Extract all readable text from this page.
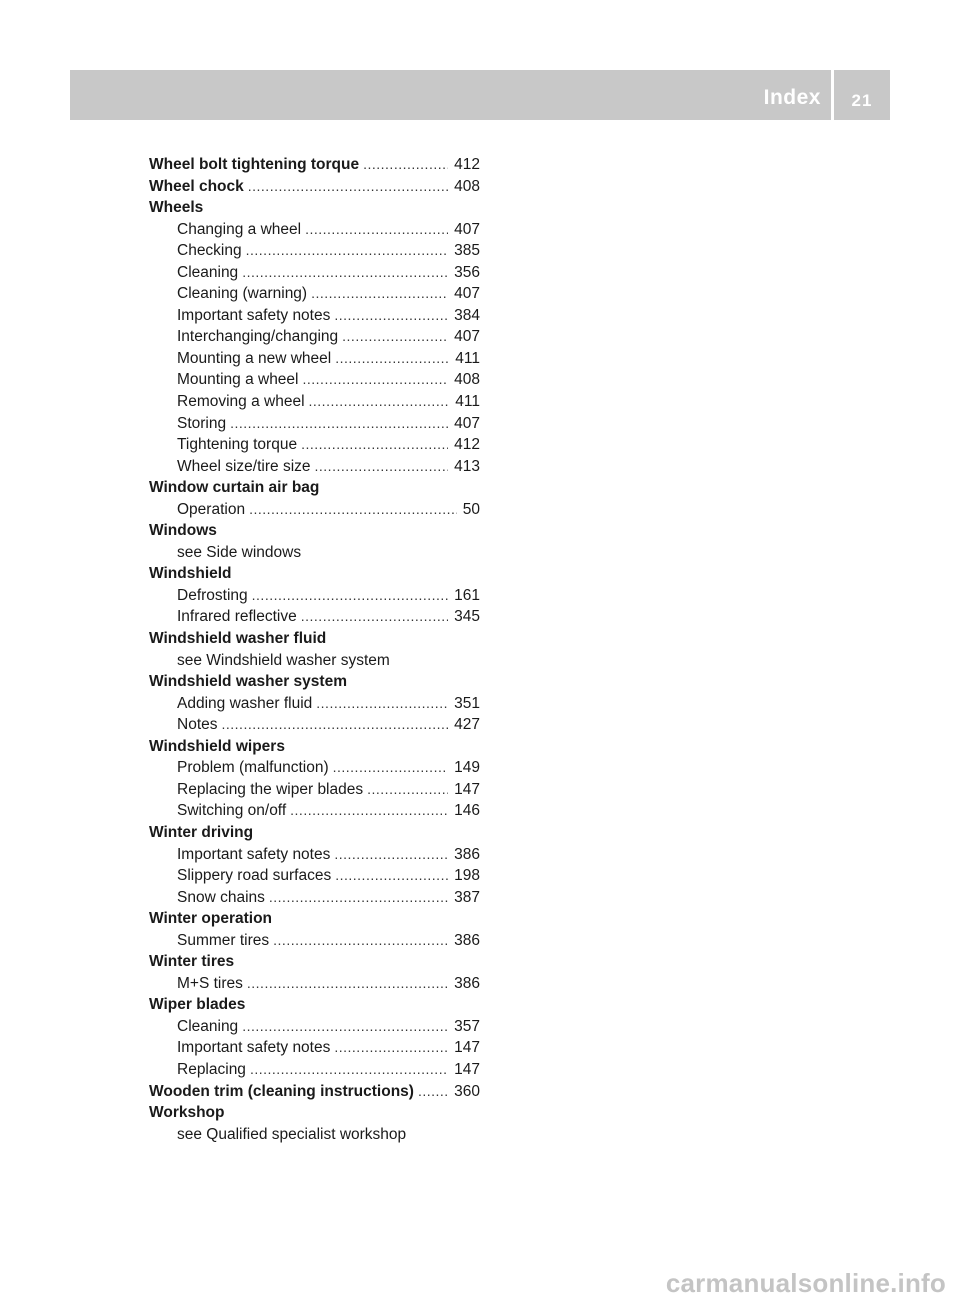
Index	21
Wheel bolt tightening torque .....	412
Wheel chock .....	408
Wheels
Changing a wheel .....	407
Checking .....	385
Cleaning .....	356
Cleaning (warning) .....	407
Important safety notes .....	384
Interchanging/changing .....	407
Mounting a new wheel .....	411
Mounting a wheel .....	408
Removing a wheel .....	411
Storing .....	407
Tightening torque .....	412
Wheel size/tire size .....	413
Window curtain air bag
Operation .....	50
Windows
see Side windows
Windshield
Defrosting .....	161
Infrared reflective .....	345
Windshield washer fluid
see Windshield washer system
Windshield washer system
Adding washer fluid .....	351
Notes .....	427
Windshield wipers
Problem (malfunction) .....	149
Replacing the wiper blades .....	147
Switching on/off .....	146
Winter driving
Important safety notes .....	386
Slippery road surfaces .....	198
Snow chains .....	387
Winter operation
Summer tires .....	386
Winter tires
M+S tires .....	386
Wiper blades
Cleaning .....	357
Important safety notes .....	147
Replacing .....	147
Wooden trim (cleaning instructions) .....	360
Workshop
see Qualified specialist workshop
carmanualsonline.info
